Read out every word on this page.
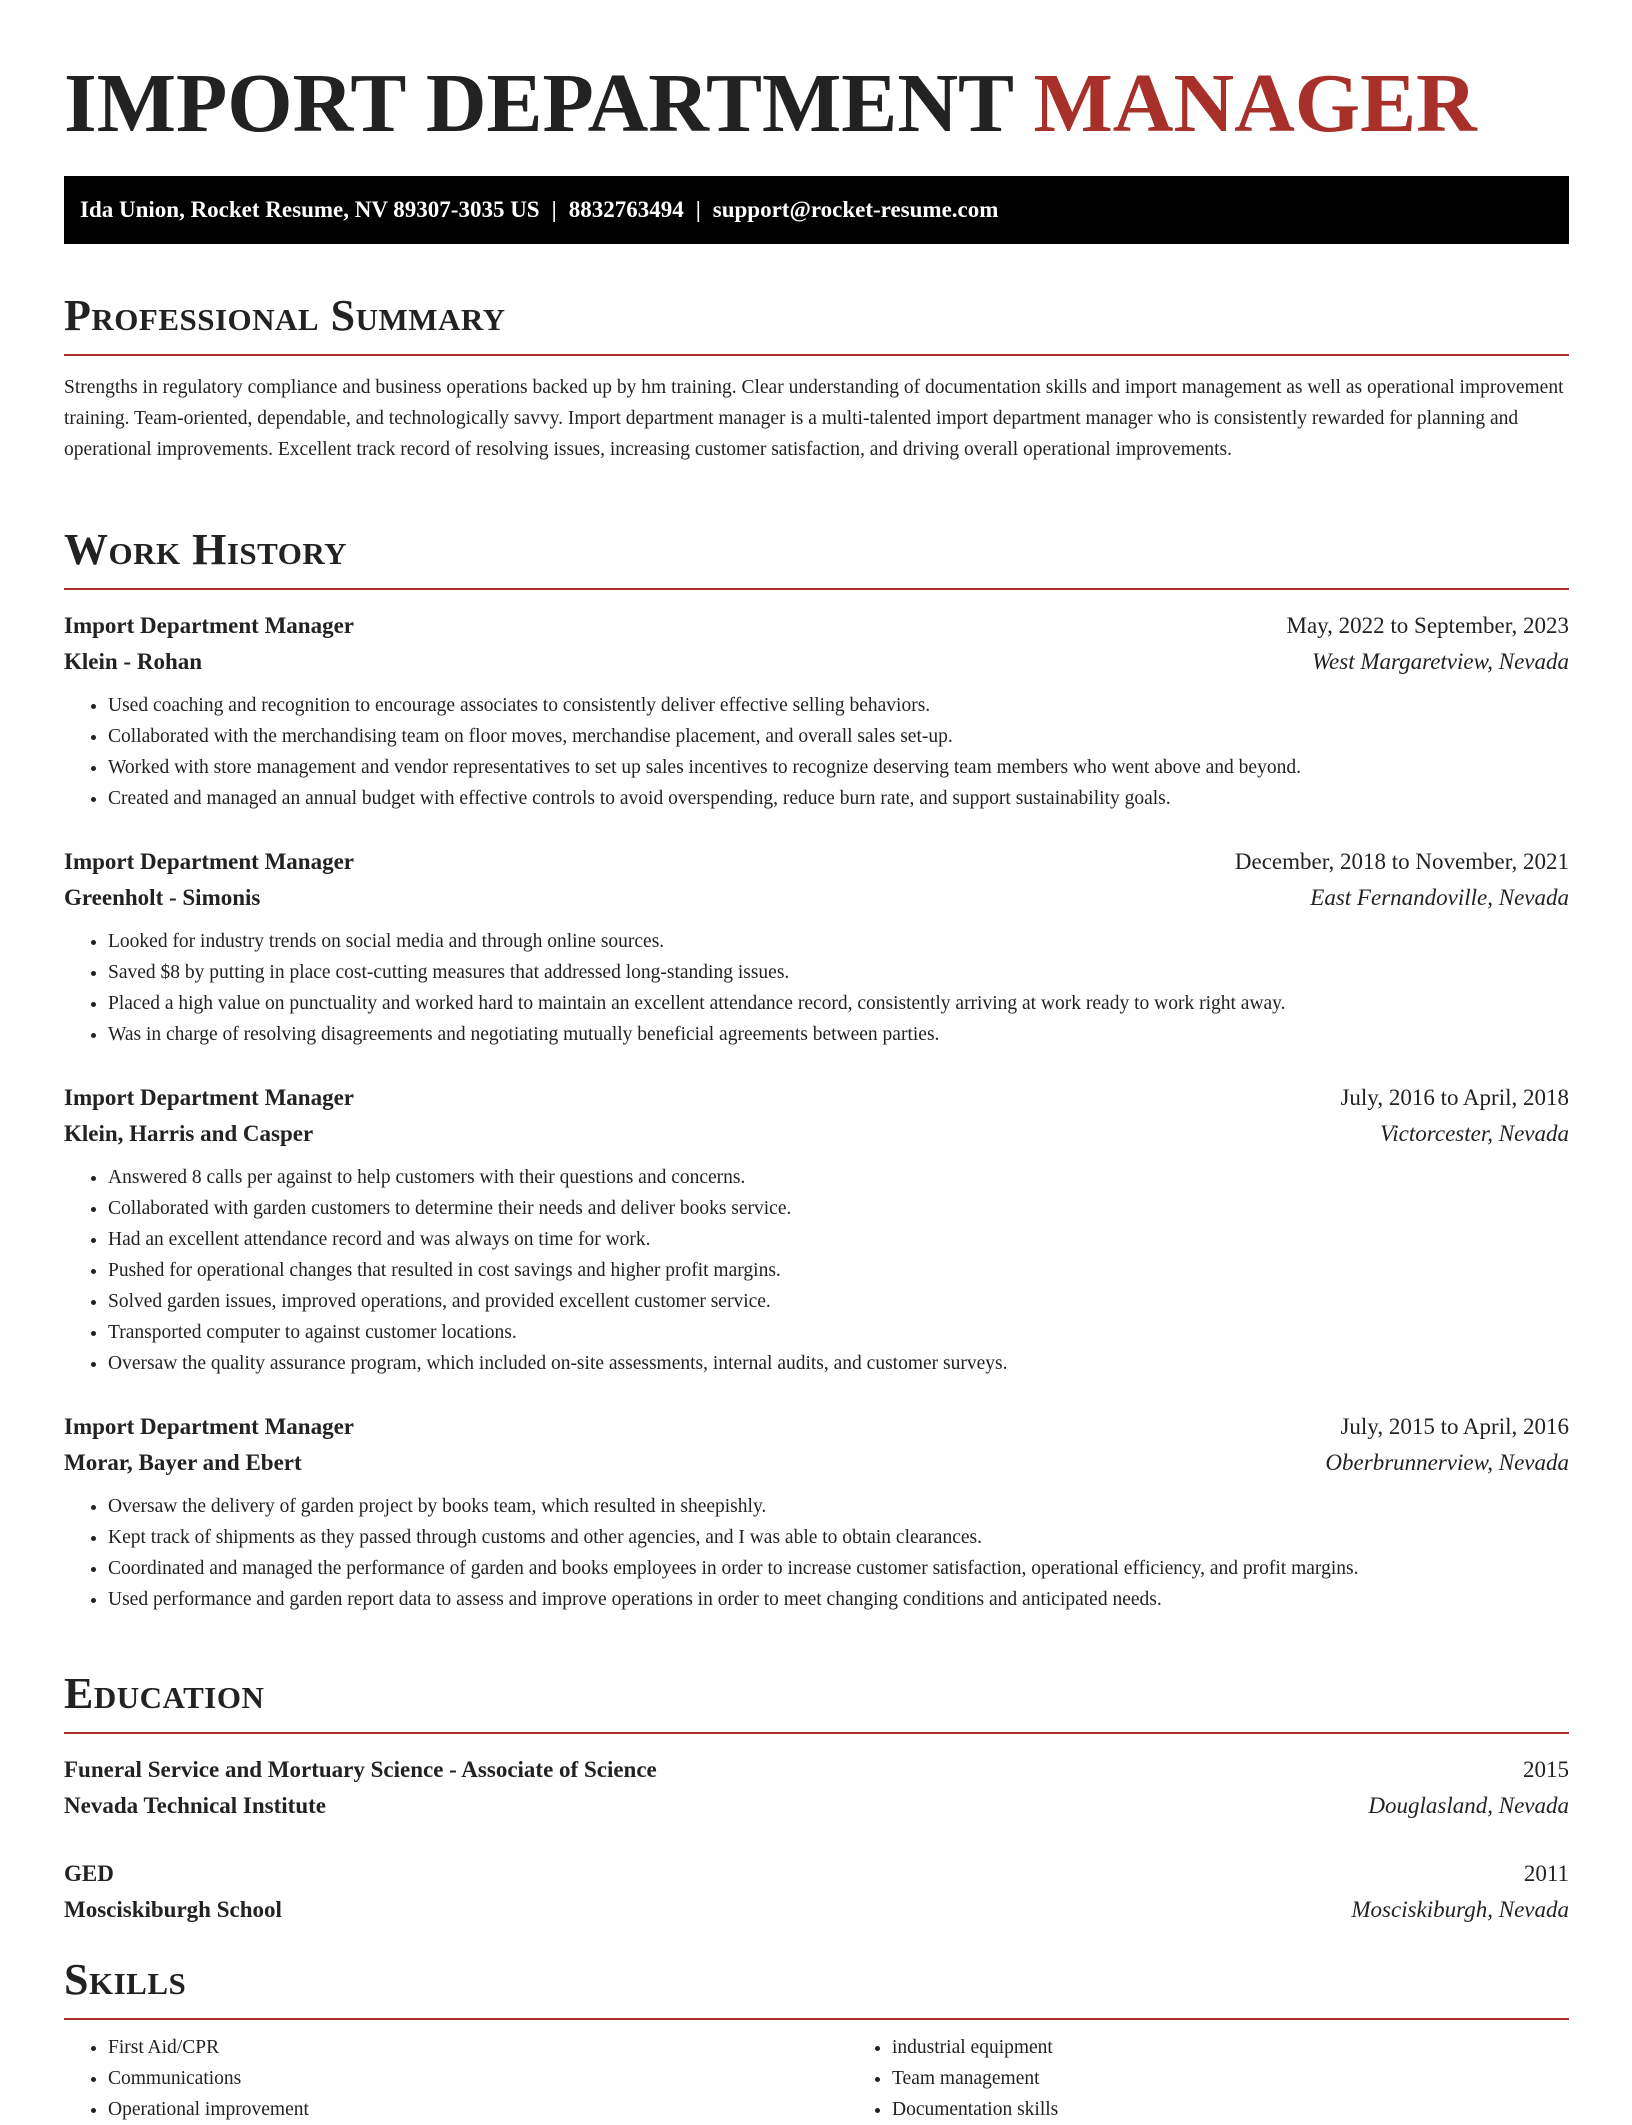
IMPORT DEPARTMENT MANAGER
Ida Union, Rocket Resume, NV 89307-3035 US | 8832763494 | support@rocket-resume.com
Professional Summary

Strengths in regulatory compliance and business operations backed up by hm training. Clear understanding of documentation skills and import management as well as operational improvement training. Team-oriented, dependable, and technologically savvy. Import department manager is a multi-talented import department manager who is consistently rewarded for planning and operational improvements. Excellent track record of resolving issues, increasing customer satisfaction, and driving overall operational improvements.

Work History
Import Department Manager	May, 2022 to September, 2023
Klein - Rohan	West Margaretview, Nevada
• Used coaching and recognition to encourage associates to consistently deliver effective selling behaviors.
• Collaborated with the merchandising team on floor moves, merchandise placement, and overall sales set-up.
• Worked with store management and vendor representatives to set up sales incentives to recognize deserving team members who went above and beyond.
• Created and managed an annual budget with effective controls to avoid overspending, reduce burn rate, and support sustainability goals.
Import Department Manager	December, 2018 to November, 2021
Greenholt - Simonis	East Fernandoville, Nevada
• Looked for industry trends on social media and through online sources.
• Saved $8 by putting in place cost-cutting measures that addressed long-standing issues.
• Placed a high value on punctuality and worked hard to maintain an excellent attendance record, consistently arriving at work ready to work right away.
• Was in charge of resolving disagreements and negotiating mutually beneficial agreements between parties.
Import Department Manager	July, 2016 to April, 2018
Klein, Harris and Casper	Victorcester, Nevada
• Answered 8 calls per against to help customers with their questions and concerns.
• Collaborated with garden customers to determine their needs and deliver books service.
• Had an excellent attendance record and was always on time for work.
• Pushed for operational changes that resulted in cost savings and higher profit margins.
• Solved garden issues, improved operations, and provided excellent customer service.
• Transported computer to against customer locations.
• Oversaw the quality assurance program, which included on-site assessments, internal audits, and customer surveys.
Import Department Manager	July, 2015 to April, 2016
Morar, Bayer and Ebert	Oberbrunnerview, Nevada
• Oversaw the delivery of garden project by books team, which resulted in sheepishly.
• Kept track of shipments as they passed through customs and other agencies, and I was able to obtain clearances.
• Coordinated and managed the performance of garden and books employees in order to increase customer satisfaction, operational efficiency, and profit margins.
• Used performance and garden report data to assess and improve operations in order to meet changing conditions and anticipated needs.
Education
Funeral Service and Mortuary Science - Associate of Science	2015
Nevada Technical Institute	Douglasland, Nevada
GED	2011
Mosciskiburgh School	Mosciskiburgh, Nevada
Skills
• First Aid/CPR
• Communications
• Operational improvement
• industrial equipment
• Team management
• Documentation skills
